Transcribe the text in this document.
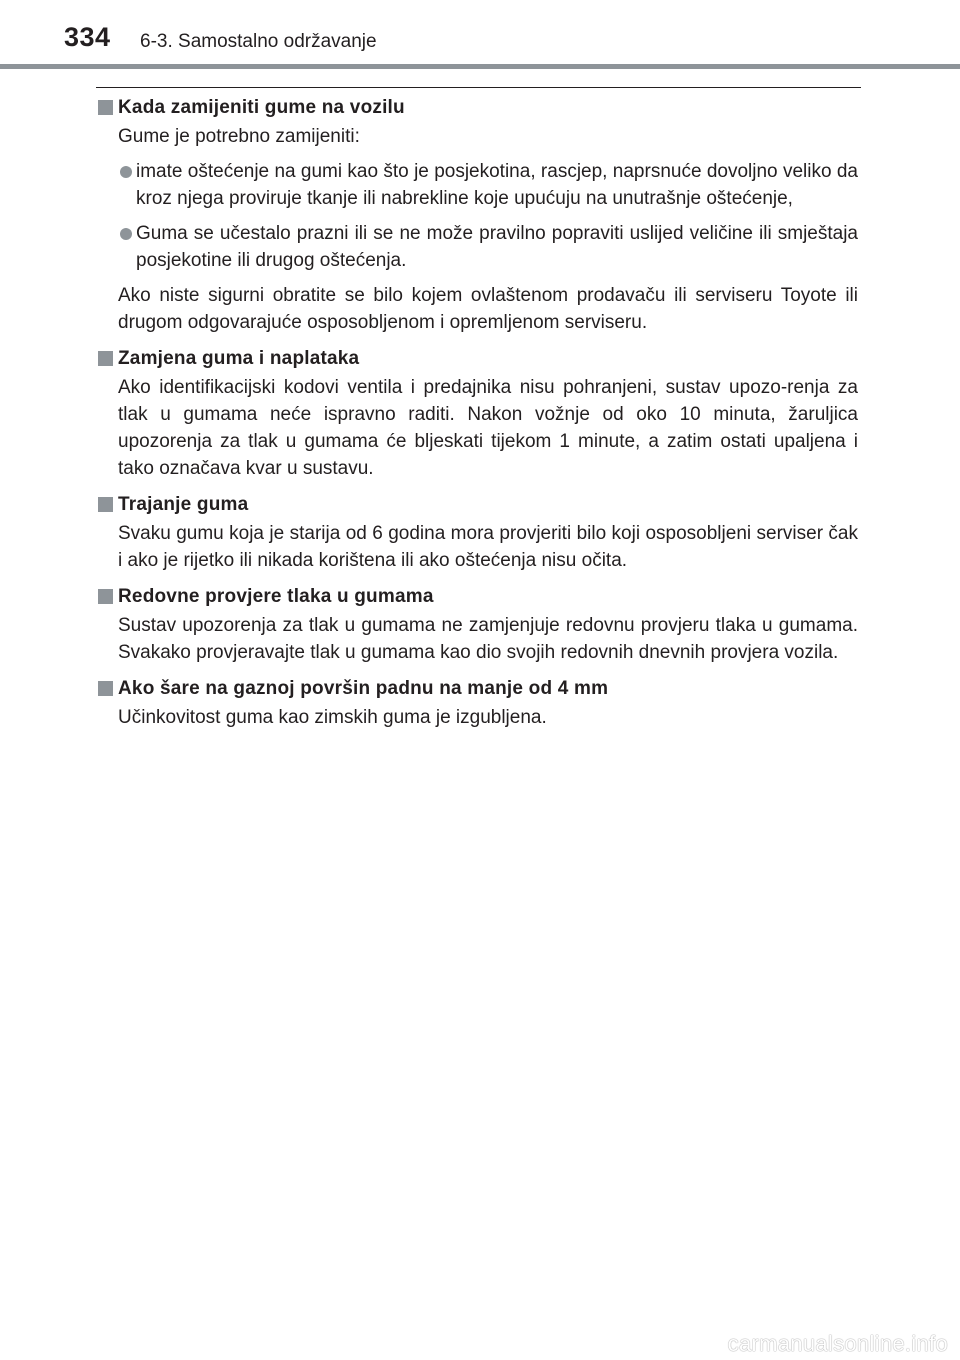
334 6-3. Samostalno održavanje
Kada zamijeniti gume na vozilu
Gume je potrebno zamijeniti:
imate oštećenje na gumi kao što je posjekotina, rascjep, naprsnuće dovoljno veliko da kroz njega proviruje tkanje ili nabrekline koje upućuju na unutrašnje oštećenje,
Guma se učestalo prazni ili se ne može pravilno popraviti uslijed veličine ili smještaja posjekotine ili drugog oštećenja.
Ako niste sigurni obratite se bilo kojem ovlaštenom prodavaču ili serviseru Toyote ili drugom odgovarajuće osposobljenom i opremljenom serviseru.
Zamjena guma i naplataka
Ako identifikacijski kodovi ventila i predajnika nisu pohranjeni, sustav upozo-renja za tlak u gumama neće ispravno raditi. Nakon vožnje od oko 10 minuta, žaruljica upozorenja za tlak u gumama će bljeskati tijekom 1 minute, a zatim ostati upaljena i tako označava kvar u sustavu.
Trajanje guma
Svaku gumu koja je starija od 6 godina mora provjeriti bilo koji osposobljeni serviser čak i ako je rijetko ili nikada korištena ili ako oštećenja nisu očita.
Redovne provjere tlaka u gumama
Sustav upozorenja za tlak u gumama ne zamjenjuje redovnu provjeru tlaka u gumama. Svakako provjeravajte tlak u gumama kao dio svojih redovnih dnevnih provjera vozila.
Ako šare na gaznoj površin padnu na manje od 4 mm
Učinkovitost guma kao zimskih guma je izgubljena.
carmanualsonline.info
